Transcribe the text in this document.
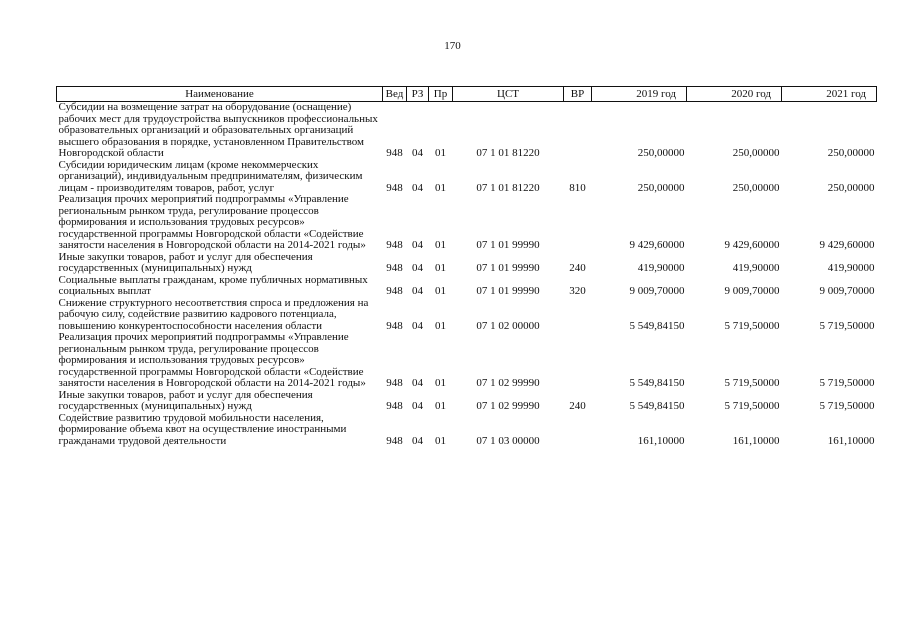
170
Наименование	Вед	РЗ	Пр	ЦСТ	ВР	2019 год	2020 год	2021 год
Субсидии на возмещение затрат на оборудование (оснащение) рабочих мест для трудоустройства выпускников профессиональных образовательных организаций и образовательных организаций высшего образования в порядке, установленном Правительством Новгородской области	948	04	01	07 1 01 81220		250,00000	250,00000	250,00000
Субсидии юридическим лицам (кроме некоммерческих организаций), индивидуальным предпринимателям, физическим лицам - производителям товаров, работ, услуг	948	04	01	07 1 01 81220	810	250,00000	250,00000	250,00000
Реализация прочих мероприятий подпрограммы «Управление региональным рынком труда, регулирование процессов формирования и использования трудовых ресурсов» государственной программы Новгородской области «Содействие занятости населения в Новгородской области на 2014-2021 годы»	948	04	01	07 1 01 99990		9 429,60000	9 429,60000	9 429,60000
Иные закупки товаров, работ и услуг для обеспечения государственных (муниципальных) нужд	948	04	01	07 1 01 99990	240	419,90000	419,90000	419,90000
Социальные выплаты гражданам, кроме публичных нормативных социальных выплат	948	04	01	07 1 01 99990	320	9 009,70000	9 009,70000	9 009,70000
Снижение структурного несоответствия спроса и предложения на рабочую силу, содействие развитию кадрового потенциала, повышению конкурентоспособности населения области	948	04	01	07 1 02 00000		5 549,84150	5 719,50000	5 719,50000
Реализация прочих мероприятий подпрограммы «Управление региональным рынком труда, регулирование процессов формирования и использования трудовых ресурсов» государственной программы Новгородской области «Содействие занятости населения в Новгородской области на 2014-2021 годы»	948	04	01	07 1 02 99990		5 549,84150	5 719,50000	5 719,50000
Иные закупки товаров, работ и услуг для обеспечения государственных (муниципальных) нужд	948	04	01	07 1 02 99990	240	5 549,84150	5 719,50000	5 719,50000
Содействие развитию трудовой мобильности населения, формирование объема квот на осуществление иностранными гражданами трудовой деятельности	948	04	01	07 1 03 00000		161,10000	161,10000	161,10000
